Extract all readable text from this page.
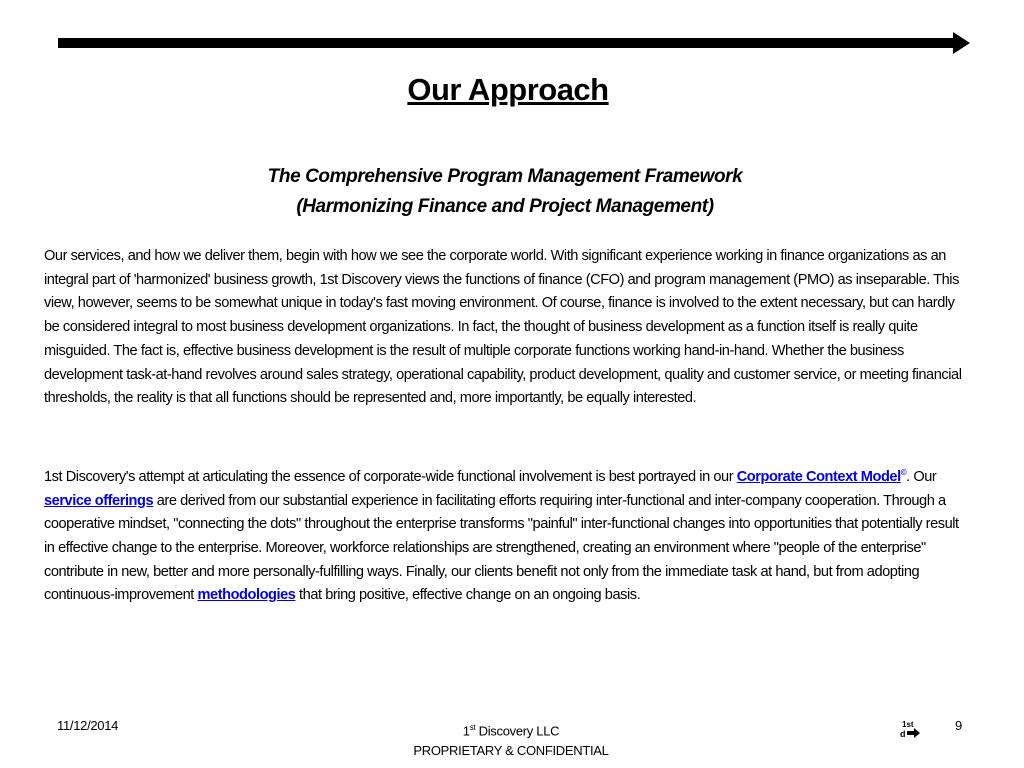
Our Approach
The Comprehensive Program Management Framework
(Harmonizing Finance and Project Management)
Our services, and how we deliver them, begin with how we see the corporate world. With significant experience working in finance organizations as an integral part of 'harmonized' business growth, 1st Discovery views the functions of finance (CFO) and program management (PMO) as inseparable. This view, however, seems to be somewhat unique in today's fast moving environment. Of course, finance is involved to the extent necessary, but can hardly be considered integral to most business development organizations. In fact, the thought of business development as a function itself is really quite misguided. The fact is, effective business development is the result of multiple corporate functions working hand-in-hand. Whether the business development task-at-hand revolves around sales strategy, operational capability, product development, quality and customer service, or meeting financial thresholds, the reality is that all functions should be represented and, more importantly, be equally interested.
1st Discovery's attempt at articulating the essence of corporate-wide functional involvement is best portrayed in our Corporate Context Model©. Our service offerings are derived from our substantial experience in facilitating efforts requiring inter-functional and inter-company cooperation. Through a cooperative mindset, "connecting the dots" throughout the enterprise transforms "painful" inter-functional changes into opportunities that potentially result in effective change to the enterprise. Moreover, workforce relationships are strengthened, creating an environment where "people of the enterprise" contribute in new, better and more personally-fulfilling ways. Finally, our clients benefit not only from the immediate task at hand, but from adopting continuous-improvement methodologies that bring positive, effective change on an ongoing basis.
11/12/2014	1st Discovery LLC
PROPRIETARY & CONFIDENTIAL
1st
d
9
